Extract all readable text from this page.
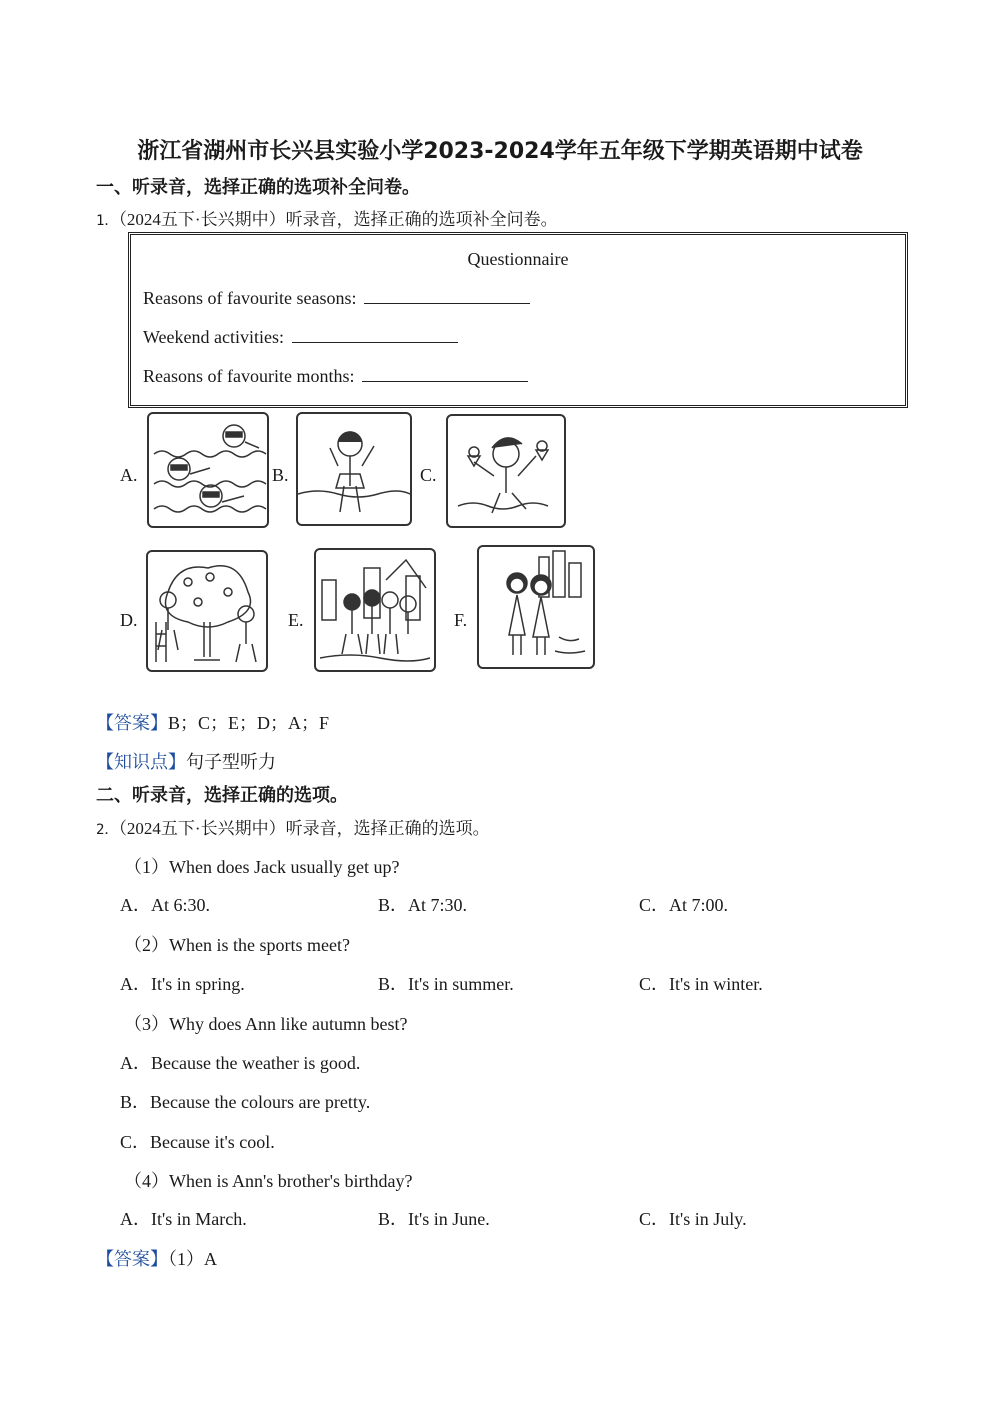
浙江省湖州市长兴县实验小学2023-2024学年五年级下学期英语期中试卷
一、听录音，选择正确的选项补全问卷。
1．（2024五下·长兴期中）听录音，选择正确的选项补全问卷。
Questionnaire
Reasons of favourite seasons:
Weekend activities:
Reasons of favourite months:
A.	B.	C.
D.	E.	F.
【答案】B；C；E；D；A；F
【知识点】句子型听力
二、听录音，选择正确的选项。
2．（2024五下·长兴期中）听录音，选择正确的选项。
（1）When does Jack usually get up?
A．At 6:30.	B．At 7:30.	C．At 7:00.
（2）When is the sports meet?
A．It's in spring.	B．It's in summer.	C．It's in winter.
（3）Why does Ann like autumn best?
A．Because the weather is good.
B．Because the colours are pretty.
C．Because it's cool.
（4）When is Ann's brother's birthday?
A．It's in March.	B．It's in June.	C．It's in July.
【答案】（1）A
